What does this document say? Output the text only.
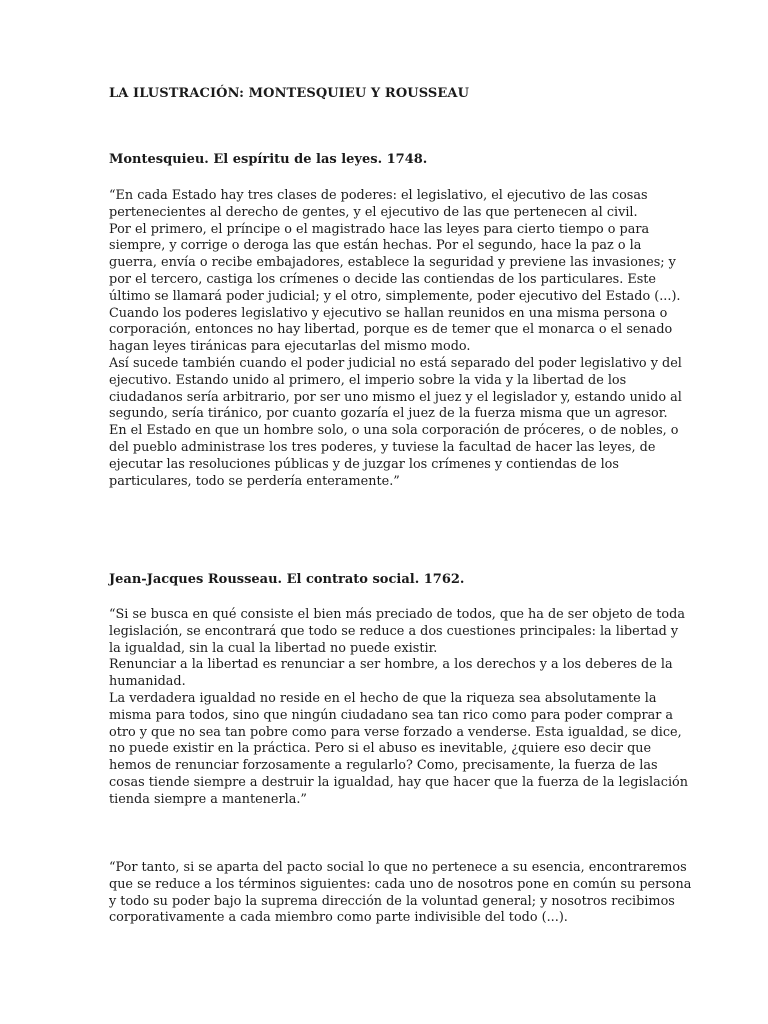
LA ILUSTRACIÓN: MONTESQUIEU Y ROUSSEAU
Montesquieu. El espíritu de las leyes. 1748.

“En cada Estado hay tres clases de poderes: el legislativo, el ejecutivo de las cosas

pertenecientes al derecho de gentes, y el ejecutivo de las que pertenecen al civil.

Por el primero, el príncipe o el magistrado hace las leyes para cierto tiempo o para

siempre, y corrige o deroga las que están hechas. Por el segundo, hace la paz o la

guerra, envía o recibe embajadores, establece la seguridad y previene las invasiones; y

por el tercero, castiga los crímenes o decide las contiendas de los particulares. Este

último se llamará poder judicial; y el otro, simplemente, poder ejecutivo del Estado (...).

Cuando los poderes legislativo y ejecutivo se hallan reunidos en una misma persona o

corporación, entonces no hay libertad, porque es de temer que el monarca o el senado

hagan leyes tiránicas para ejecutarlas del mismo modo.

Así sucede también cuando el poder judicial no está separado del poder legislativo y del

ejecutivo. Estando unido al primero, el imperio sobre la vida y la libertad de los

ciudadanos sería arbitrario, por ser uno mismo el juez y el legislador y, estando unido al

segundo, sería tiránico, por cuanto gozaría el juez de la fuerza misma que un agresor.

En el Estado en que un hombre solo, o una sola corporación de próceres, o de nobles, o

del pueblo administrase los tres poderes, y tuviese la facultad de hacer las leyes, de

ejecutar las resoluciones públicas y de juzgar los crímenes y contiendas de los

particulares, todo se perdería enteramente.”

Jean-Jacques Rousseau. El contrato social. 1762.

“Si se busca en qué consiste el bien más preciado de todos, que ha de ser objeto de toda

legislación, se encontrará que todo se reduce a dos cuestiones principales: la libertad y

la igualdad, sin la cual la libertad no puede existir.

Renunciar a la libertad es renunciar a ser hombre, a los derechos y a los deberes de la

humanidad.

La verdadera igualdad no reside en el hecho de que la riqueza sea absolutamente la

misma para todos, sino que ningún ciudadano sea tan rico como para poder comprar a

otro y que no sea tan pobre como para verse forzado a venderse. Esta igualdad, se dice,

no puede existir en la práctica. Pero si el abuso es inevitable, ¿quiere eso decir que

hemos de renunciar forzosamente a regularlo? Como, precisamente, la fuerza de las

cosas tiende siempre a destruir la igualdad, hay que hacer que la fuerza de la legislación

tienda siempre a mantenerla.”

“Por tanto, si se aparta del pacto social lo que no pertenece a su esencia, encontraremos

que se reduce a los términos siguientes: cada uno de nosotros pone en común su persona

y todo su poder bajo la suprema dirección de la voluntad general; y nosotros recibimos

corporativamente a cada miembro como parte indivisible del todo (...).
